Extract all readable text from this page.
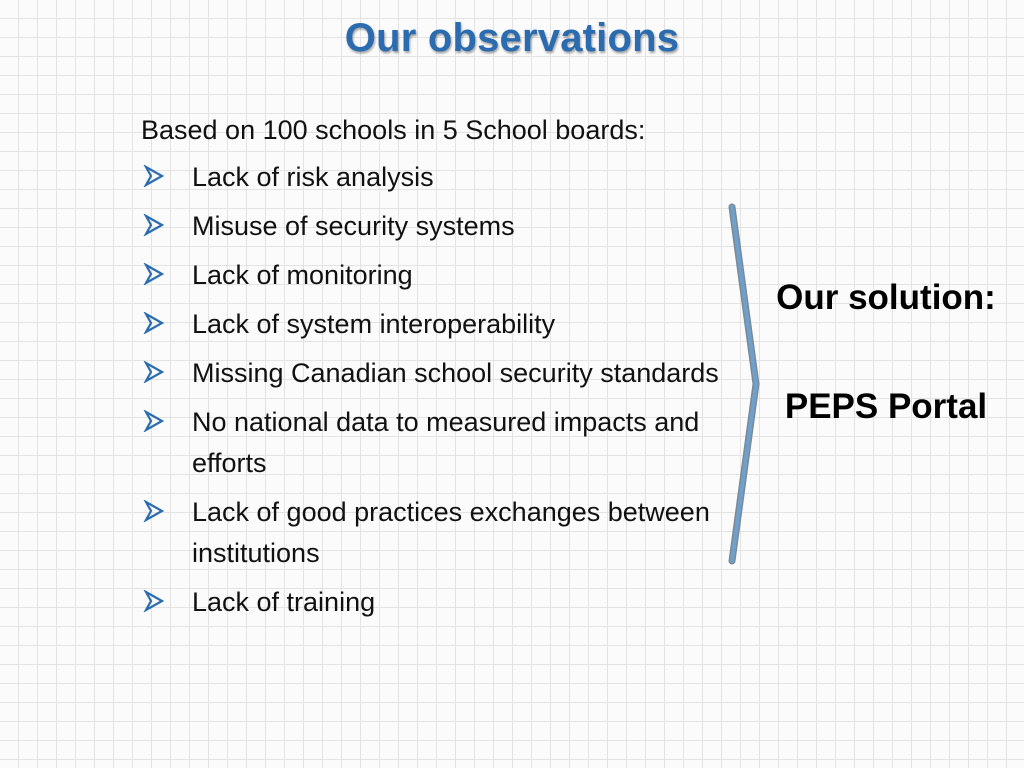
Our observations
Based on 100 schools in 5 School boards:
Lack of risk analysis
Misuse of security systems
Lack of monitoring
Lack of system interoperability
Missing Canadian school security standards
No national data to measured impacts and efforts
Lack of good practices exchanges between institutions
Lack of training
Our solution:
PEPS Portal
